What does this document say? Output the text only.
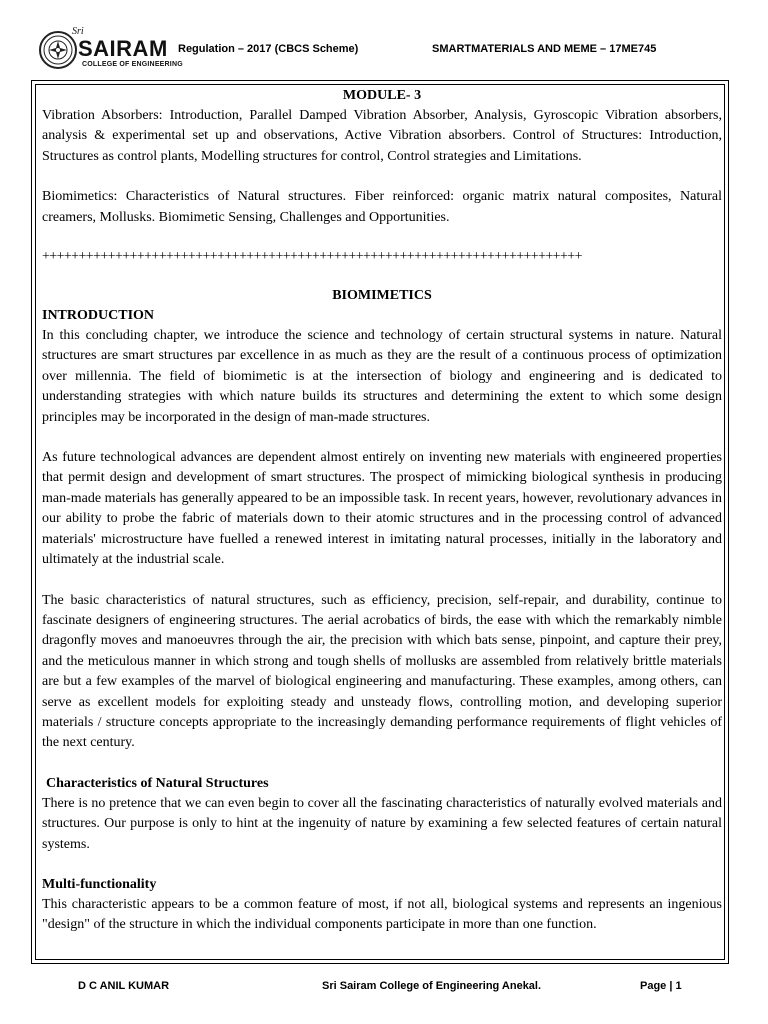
Sri
SAIRAM
COLLEGE OF ENGINEERING
Regulation – 2017 (CBCS Scheme)	SMARTMATERIALS AND MEME – 17ME745
MODULE- 3

Vibration Absorbers: Introduction, Parallel Damped Vibration Absorber, Analysis, Gyroscopic Vibration absorbers, analysis & experimental set up and observations, Active Vibration absorbers. Control of Structures: Introduction, Structures as control plants, Modelling structures for control, Control strategies and Limitations.

Biomimetics: Characteristics of Natural structures. Fiber reinforced: organic matrix natural composites, Natural creamers, Mollusks. Biomimetic Sensing, Challenges and Opportunities.

++++++++++++++++++++++++++++++++++++++++++++++++++++++++++++++++++++++++++
BIOMIMETICS
INTRODUCTION

In this concluding chapter, we introduce the science and technology of certain structural systems in nature. Natural structures are smart structures par excellence in as much as they are the result of a continuous process of optimization over millennia. The field of biomimetic is at the intersection of biology and engineering and is dedicated to understanding strategies with which nature builds its structures and determining the extent to which some design principles may be incorporated in the design of man-made structures.

As future technological advances are dependent almost entirely on inventing new materials with engineered properties that permit design and development of smart structures. The prospect of mimicking biological synthesis in producing man-made materials has generally appeared to be an impossible task. In recent years, however, revolutionary advances in our ability to probe the fabric of materials down to their atomic structures and in the processing control of advanced materials' microstructure have fuelled a renewed interest in imitating natural processes, initially in the laboratory and ultimately at the industrial scale.

The basic characteristics of natural structures, such as efficiency, precision, self-repair, and durability, continue to fascinate designers of engineering structures. The aerial acrobatics of birds, the ease with which the remarkably nimble dragonfly moves and manoeuvres through the air, the precision with which bats sense, pinpoint, and capture their prey, and the meticulous manner in which strong and tough shells of mollusks are assembled from relatively brittle materials are but a few examples of the marvel of biological engineering and manufacturing. These examples, among others, can serve as excellent models for exploiting steady and unsteady flows, controlling motion, and developing superior materials / structure concepts appropriate to the increasingly demanding performance requirements of flight vehicles of the next century.

Characteristics of Natural Structures

There is no pretence that we can even begin to cover all the fascinating characteristics of naturally evolved materials and structures. Our purpose is only to hint at the ingenuity of nature by examining a few selected features of certain natural systems.

Multi-functionality

This characteristic appears to be a common feature of most, if not all, biological systems and represents an ingenious "design" of the structure in which the individual components participate in more than one function.

D C ANIL KUMAR	Sri Sairam College of Engineering Anekal.	Page | 1
